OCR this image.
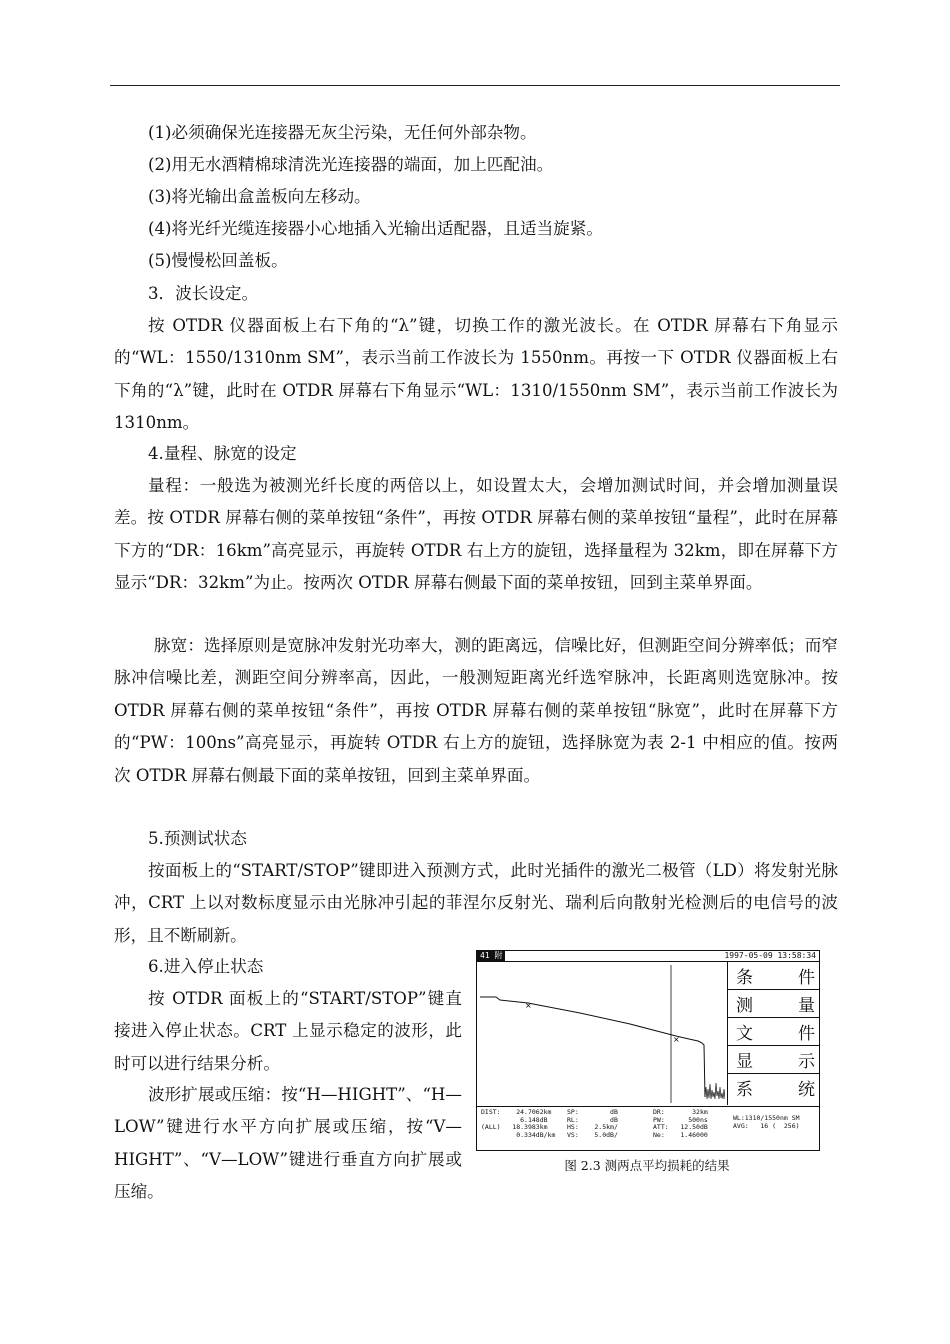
(1)必须确保光连接器无灰尘污染，无任何外部杂物。

(2)用无水酒精棉球清洗光连接器的端面，加上匹配油。

(3)将光输出盒盖板向左移动。

(4)将光纤光缆连接器小心地插入光输出适配器，且适当旋紧。

(5)慢慢松回盖板。

3．波长设定。

按 OTDR 仪器面板上右下角的“λ”键，切换工作的激光波长。在 OTDR 屏幕右下角显示的“WL：1550/1310nm SM”，表示当前工作波长为 1550nm。再按一下 OTDR 仪器面板上右下角的“λ”键，此时在 OTDR 屏幕右下角显示“WL：1310/1550nm SM”，表示当前工作波长为 1310nm。

4.量程、脉宽的设定

量程：一般选为被测光纤长度的两倍以上，如设置太大，会增加测试时间，并会增加测量误差。按 OTDR 屏幕右侧的菜单按钮“条件”，再按 OTDR 屏幕右侧的菜单按钮“量程”，此时在屏幕下方的“DR：16km”高亮显示，再旋转 OTDR 右上方的旋钮，选择量程为 32km，即在屏幕下方显示“DR：32km”为止。按两次 OTDR 屏幕右侧最下面的菜单按钮，回到主菜单界面。

脉宽：选择原则是宽脉冲发射光功率大，测的距离远，信噪比好，但测距空间分辨率低；而窄脉冲信噪比差，测距空间分辨率高，因此，一般测短距离光纤选窄脉冲，长距离则选宽脉冲。按 OTDR 屏幕右侧的菜单按钮“条件”，再按 OTDR 屏幕右侧的菜单按钮“脉宽”，此时在屏幕下方的“PW：100ns”高亮显示，再旋转 OTDR 右上方的旋钮，选择脉宽为表 2-1 中相应的值。按两次 OTDR 屏幕右侧最下面的菜单按钮，回到主菜单界面。

5.预测试状态

按面板上的“START/STOP”键即进入预测方式，此时光插件的激光二极管（LD）将发射光脉冲，CRT 上以对数标度显示由光脉冲引起的菲涅尔反射光、瑞利后向散射光检测后的电信号的波形，且不断刷新。

6.进入停止状态

按 OTDR 面板上的“START/STOP”键直接进入停止状态。CRT 上显示稳定的波形，此时可以进行结果分析。

波形扩展或压缩：按“H—HIGHT”、“H—LOW”键进行水平方向扩展或压缩，按“V—HIGHT”、“V—LOW”键进行垂直方向扩展或压缩。

41 附	1997-05-09 13:58:34
×
×
条	件
测	量
文	件
显	示
系	统
DIST:    24.7062km
6.148dB
(ALL)   18.3983km
0.334dB/km
SP:        dB
RL:        dB
HS:    2.5km/
VS:    5.0dB/
DR:       32km
PW:      500ns
ATT:   12.50dB
Ne:    1.46000
WL:1310/1550nm SM
AVG:   16 (  256)
图 2.3 测两点平均损耗的结果
